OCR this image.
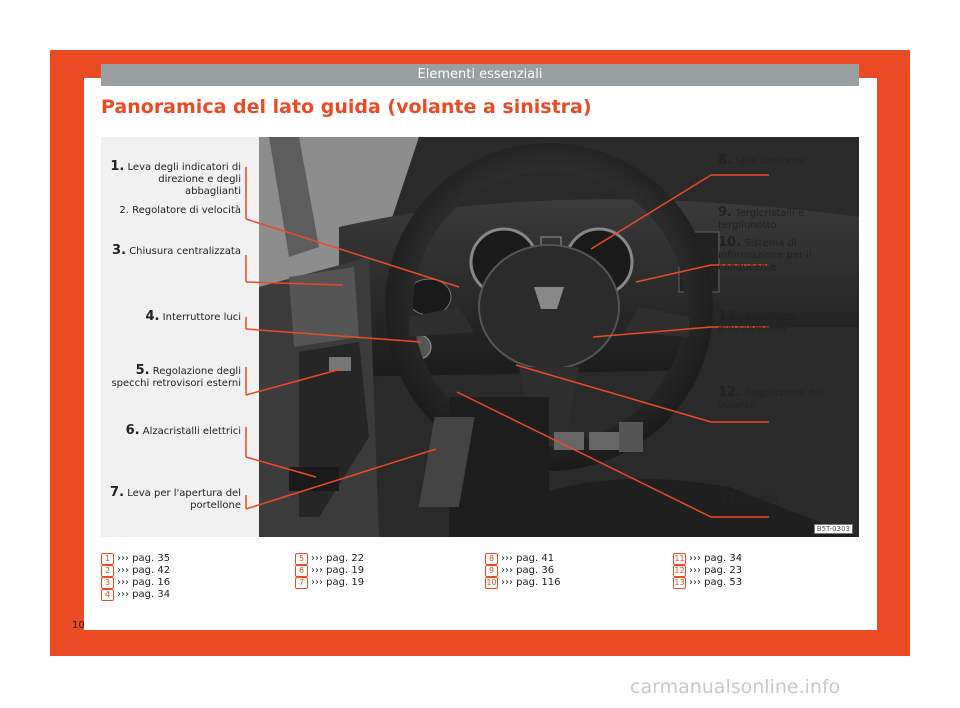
Elementi essenziali
Panoramica del lato guida (volante a sinistra)
1. Leva degli indicatori di direzione e degli abbaglianti
2. Regolatore di velocità
3. Chiusura centralizzata
4. Interruttore luci
5. Regolazione degli specchi retrovisori esterni
6. Alzacristalli elettrici
7. Leva per l'apertura del portellone
8. Spie luminose
9. Tergicristalli e tergilunotto
10. Sistema di informazione per il conducente
11. Blocchetto d'avviamento
12. Regolazione del volante
13. Fusibili
B5T-0303
1 ››› pag. 35
2 ››› pag. 42
3 ››› pag. 16
4 ››› pag. 34
5 ››› pag. 22
6 ››› pag. 19
7 ››› pag. 19
8 ››› pag. 41
9 ››› pag. 36
10 ››› pag. 116
11 ››› pag. 34
12 ››› pag. 23
13 ››› pag. 53
10
carmanualsonline.info
